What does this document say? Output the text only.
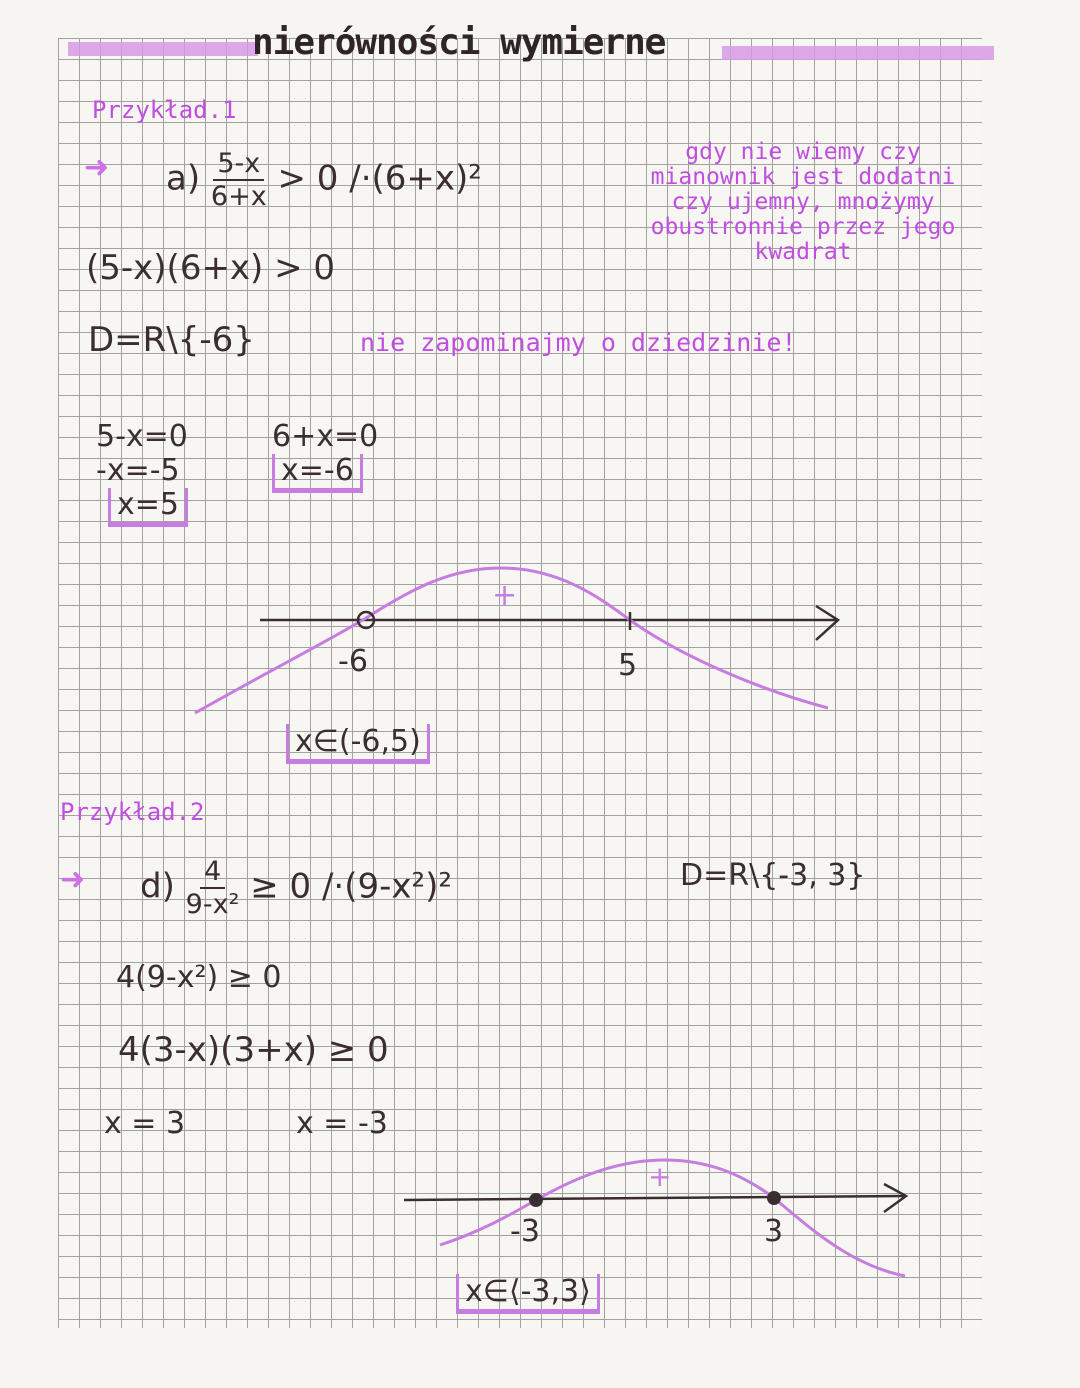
nierówności wymierne
Przykład.1
➜ $a) \frac{5-x}{6+x} > 0$ /·(6+x)²
gdy nie wiemy czy
mianownik jest dodatni
czy ujemny, mnożymy
obustronnie przez jego
kwadrat
(5-x)(6+x) > 0
D=R\{-6}	nie zapominajmy o dziedzinie!
5-x=0
-x=-5
x=5
6+x=0
x=-6
+
-6	5
x∈(-6,5)
Przykład.2
➜ $d) \frac{4}{\text{9-x²}} \ge 0$ /·(9-x²)²	D=R\{-3, 3}
4(9-x²) ≥ 0
4(3-x)(3+x) ≥ 0
x = 3	x = -3
+
-3	3
x∈⟨-3,3⟩
